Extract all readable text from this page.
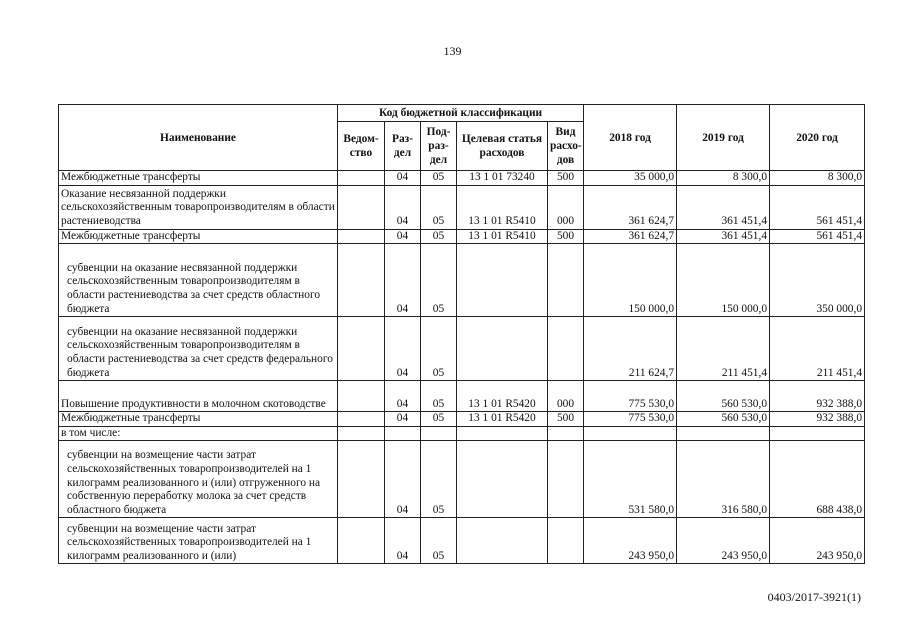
139
Наименование	Код бюджетной классификации					2018 год	2019 год	2020 год
	Ведом-ство	Раз-дел	Под-раз-дел	Целевая статья расходов	Вид расхо-дов			
Межбюджетные трансферты		04	05	13 1 01 73240	500	35 000,0	8 300,0	8 300,0
Оказание несвязанной поддержки сельскохозяйственным товаропроизводителям в области растениеводства		04	05	13 1 01 R5410	000	361 624,7	361 451,4	561 451,4
Межбюджетные трансферты		04	05	13 1 01 R5410	500	361 624,7	361 451,4	561 451,4
субвенции на оказание несвязанной поддержки сельскохозяйственным товаропроизводителям в области растениеводства за счет средств областного бюджета		04	05			150 000,0	150 000,0	350 000,0
субвенции на оказание несвязанной поддержки сельскохозяйственным товаропроизводителям в области растениеводства за счет средств федерального бюджета		04	05			211 624,7	211 451,4	211 451,4
Повышение продуктивности в молочном скотоводстве		04	05	13 1 01 R5420	000	775 530,0	560 530,0	932 388,0
Межбюджетные трансферты		04	05	13 1 01 R5420	500	775 530,0	560 530,0	932 388,0
в том числе:								
субвенции на возмещение части затрат сельскохозяйственных товаропроизводителей на 1 килограмм реализованного и (или) отгруженного на собственную переработку молока за счет средств областного бюджета		04	05			531 580,0	316 580,0	688 438,0
субвенции на возмещение части затрат сельскохозяйственных товаропроизводителей на 1 килограмм реализованного и (или)		04	05			243 950,0	243 950,0	243 950,0
0403/2017-3921(1)
